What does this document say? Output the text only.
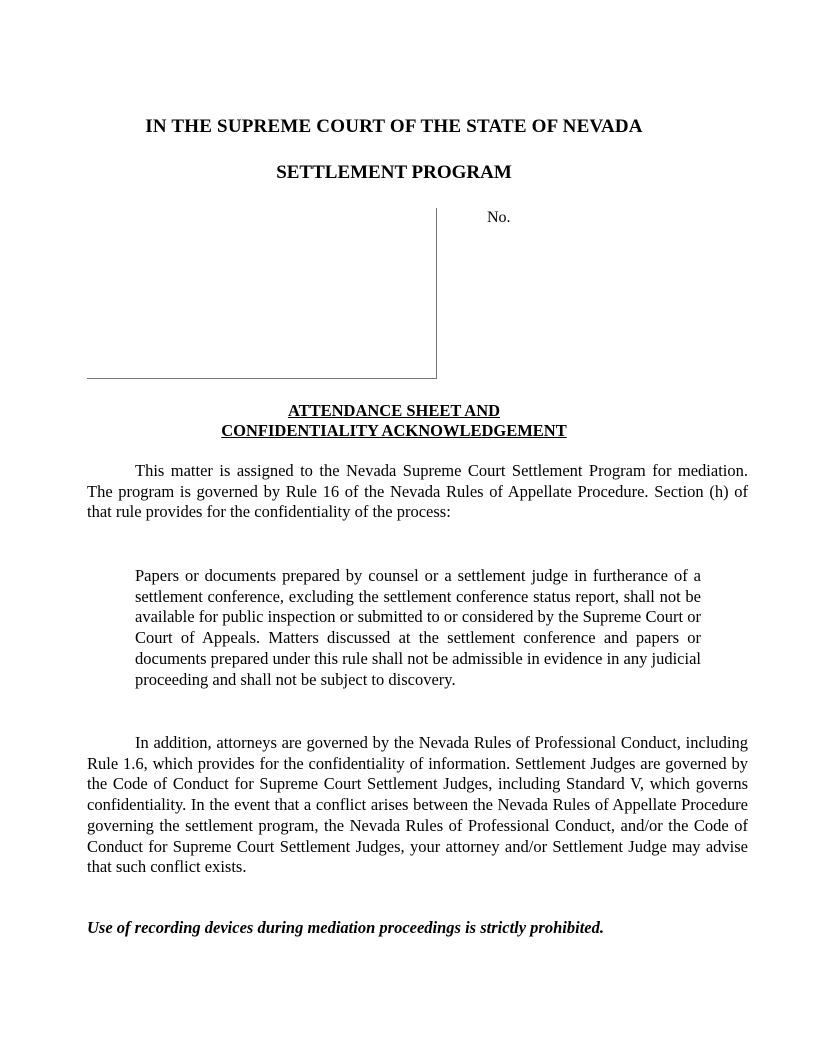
IN THE SUPREME COURT OF THE STATE OF NEVADA
SETTLEMENT PROGRAM
No.
ATTENDANCE SHEET AND
CONFIDENTIALITY ACKNOWLEDGEMENT

This matter is assigned to the Nevada Supreme Court Settlement Program for mediation. The program is governed by Rule 16 of the Nevada Rules of Appellate Procedure. Section (h) of that rule provides for the confidentiality of the process:

Papers or documents prepared by counsel or a settlement judge in furtherance of a settlement conference, excluding the settlement conference status report, shall not be available for public inspection or submitted to or considered by the Supreme Court or Court of Appeals. Matters discussed at the settlement conference and papers or documents prepared under this rule shall not be admissible in evidence in any judicial proceeding and shall not be subject to discovery.

In addition, attorneys are governed by the Nevada Rules of Professional Conduct, including Rule 1.6, which provides for the confidentiality of information. Settlement Judges are governed by the Code of Conduct for Supreme Court Settlement Judges, including Standard V, which governs confidentiality. In the event that a conflict arises between the Nevada Rules of Appellate Procedure governing the settlement program, the Nevada Rules of Professional Conduct, and/or the Code of Conduct for Supreme Court Settlement Judges, your attorney and/or Settlement Judge may advise that such conflict exists.

Use of recording devices during mediation proceedings is strictly prohibited.
